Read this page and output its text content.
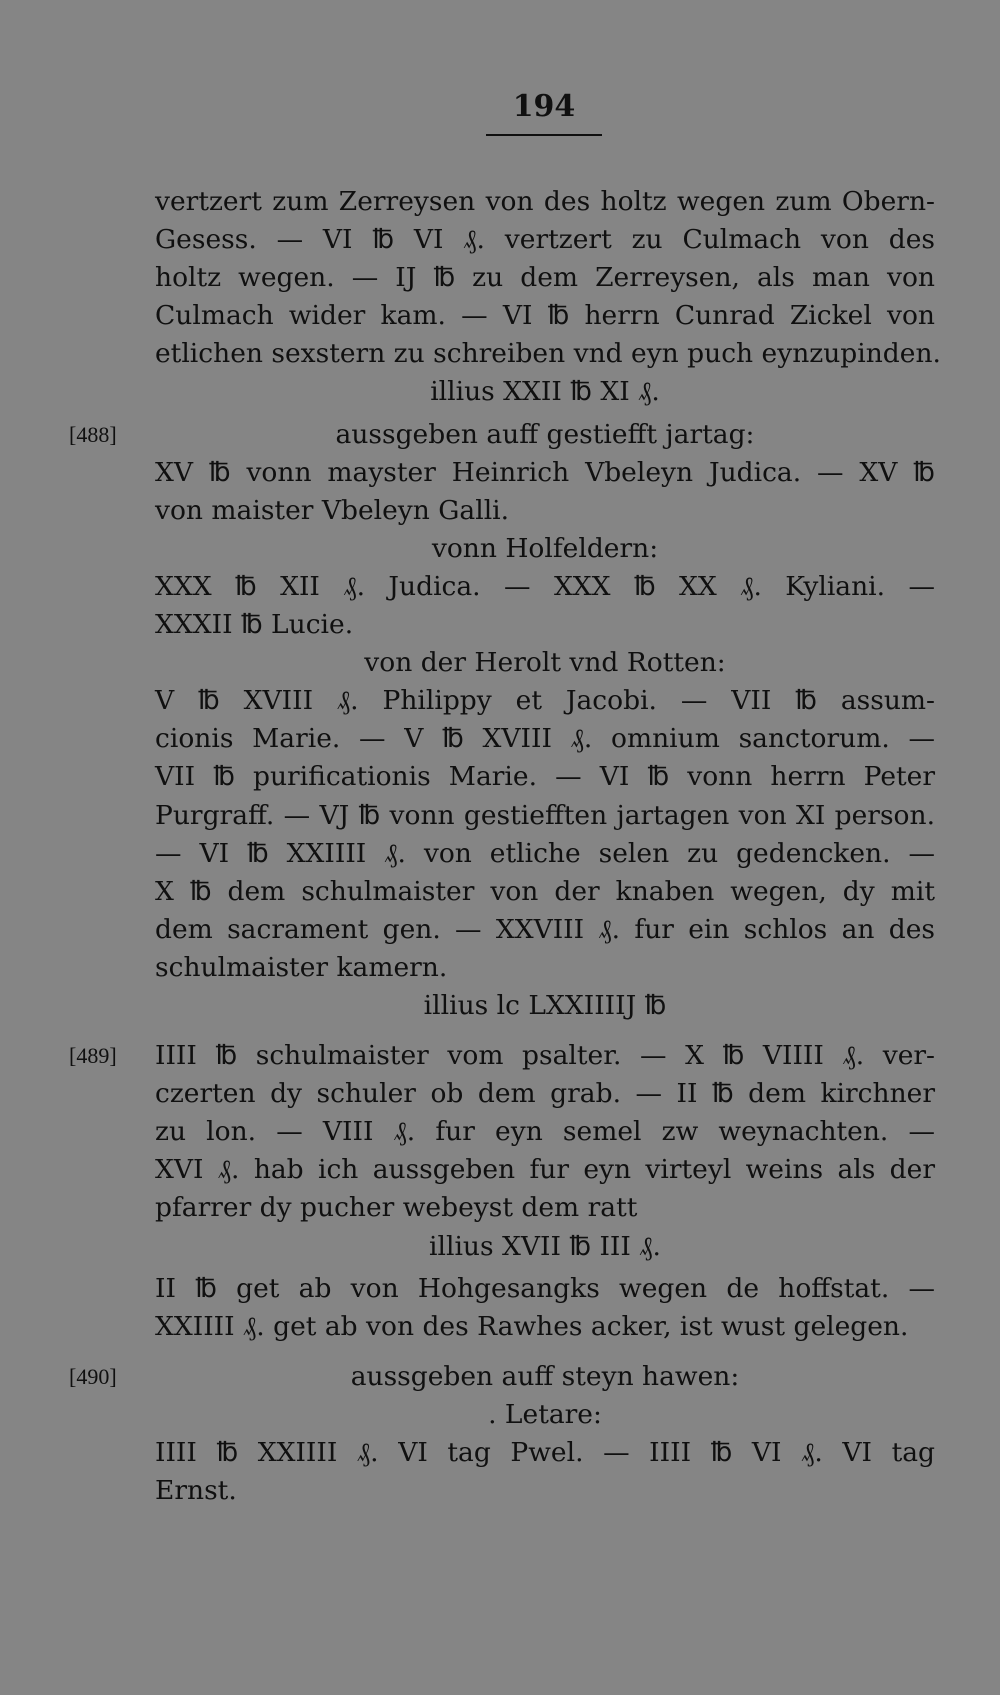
194
vertzert zum Zerreysen von des holtz wegen zum Obern-
Gesess. — VI ℔ VI ₰. vertzert zu Culmach von des
holtz wegen. — IJ ℔ zu dem Zerreysen, als man von
Culmach wider kam. — VI ℔ herrn Cunrad Zickel von
etlichen sexstern zu schreiben vnd eyn puch eynzupinden.
illius XXII ℔ XI ₰.
[488]	aussgeben auff gestiefft jartag:
XV ℔ vonn mayster Heinrich Vbeleyn Judica. — XV ℔
von maister Vbeleyn Galli.
vonn Holfeldern:
XXX ℔ XII ₰. Judica. — XXX ℔ XX ₰. Kyliani. —
XXXII ℔ Lucie.
von der Herolt vnd Rotten:
V ℔ XVIII ₰. Philippy et Jacobi. — VII ℔ assum-
cionis Marie. — V ℔ XVIII ₰. omnium sanctorum. —
VII ℔ purificationis Marie. — VI ℔ vonn herrn Peter
Purgraff. — VJ ℔ vonn gestiefften jartagen von XI person.
— VI ℔ XXIIII ₰. von etliche selen zu gedencken. —
X ℔ dem schulmaister von der knaben wegen, dy mit
dem sacrament gen. — XXVIII ₰. fur ein schlos an des
schulmaister kamern.
illius lc LXXIIIIJ ℔
[489] IIII ℔ schulmaister vom psalter. — X ℔ VIIII ₰. ver-
czerten dy schuler ob dem grab. — II ℔ dem kirchner
zu lon. — VIII ₰. fur eyn semel zw weynachten. —
XVI ₰. hab ich aussgeben fur eyn virteyl weins als der
pfarrer dy pucher webeyst dem ratt
illius XVII ℔ III ₰.
II ℔ get ab von Hohgesangks wegen de hoffstat. —
XXIIII ₰. get ab von des Rawhes acker, ist wust gelegen.
[490]	aussgeben auff steyn hawen:
. Letare:
IIII ℔ XXIIII ₰. VI tag Pwel. — IIII ℔ VI ₰. VI tag
Ernst.
